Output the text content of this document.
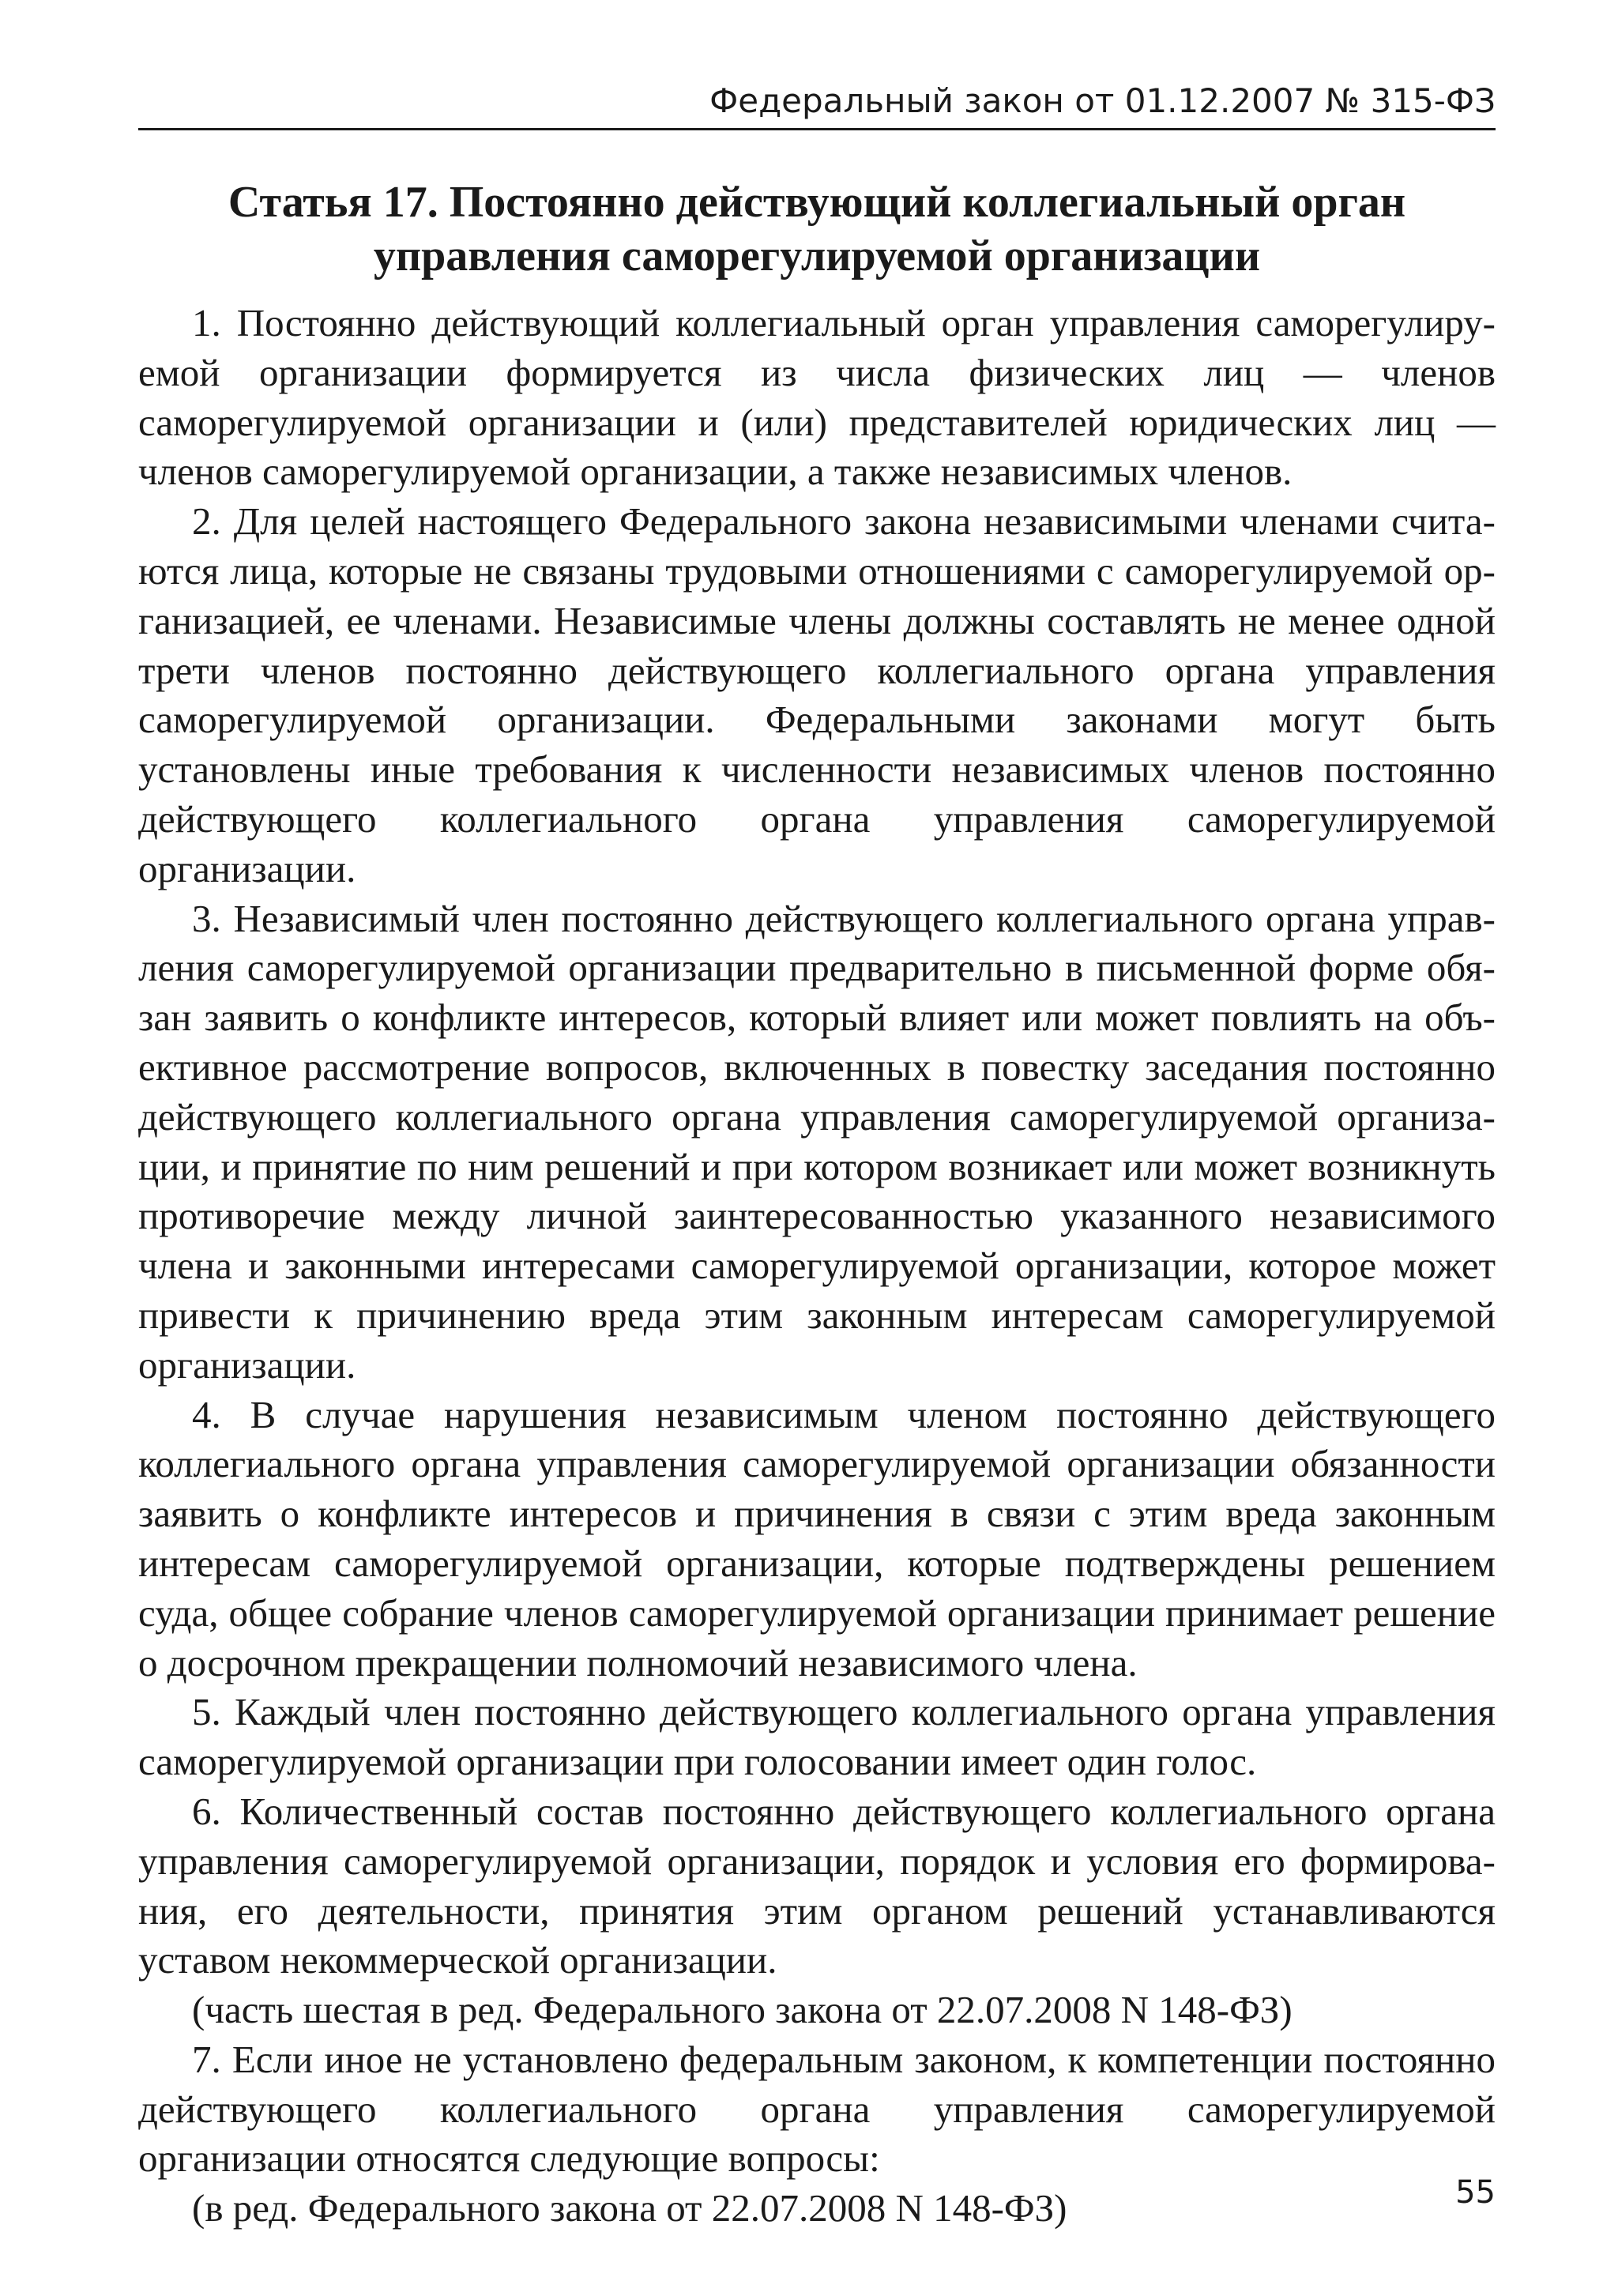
Федеральный закон от 01.12.2007 № 315-ФЗ
Статья 17. Постоянно действующий коллегиальный орган
управления саморегулируемой организации

1. Постоянно действующий коллегиальный орган управления саморегулируемой организации формируется из числа физических лиц — членов саморегулируемой организации и (или) представителей юридических лиц — членов саморегулируемой организации, а также независимых членов.

2. Для целей настоящего Федерального закона независимыми членами считаются лица, которые не связаны трудовыми отношениями с саморегулируемой организацией, ее членами. Независимые члены должны составлять не менее одной трети членов постоянно действующего коллегиального органа управления саморегулируемой организации. Федеральными законами могут быть установлены иные требования к численности независимых членов постоянно действующего коллегиального органа управления саморегулируемой организации.

3. Независимый член постоянно действующего коллегиального органа управления саморегулируемой организации предварительно в письменной форме обязан заявить о конфликте интересов, который влияет или может повлиять на объективное рассмотрение вопросов, включенных в повестку заседания постоянно действующего коллегиального органа управления саморегулируемой организации, и принятие по ним решений и при котором возникает или может возникнуть противоречие между личной заинтересованностью указанного независимого члена и законными интересами саморегулируемой организации, которое может привести к причинению вреда этим законным интересам саморегулируемой организации.

4. В случае нарушения независимым членом постоянно действующего коллегиального органа управления саморегулируемой организации обязанности заявить о конфликте интересов и причинения в связи с этим вреда законным интересам саморегулируемой организации, которые подтверждены решением суда, общее собрание членов саморегулируемой организации принимает решение о досрочном прекращении полномочий независимого члена.

5. Каждый член постоянно действующего коллегиального органа управления саморегулируемой организации при голосовании имеет один голос.

6. Количественный состав постоянно действующего коллегиального органа управления саморегулируемой организации, порядок и условия его формирования, его деятельности, принятия этим органом решений устанавливаются уставом некоммерческой организации.

(часть шестая в ред. Федерального закона от 22.07.2008 N 148-ФЗ)

7. Если иное не установлено федеральным законом, к компетенции постоянно действующего коллегиального органа управления саморегулируемой организации относятся следующие вопросы:

(в ред. Федерального закона от 22.07.2008 N 148-ФЗ)	55
